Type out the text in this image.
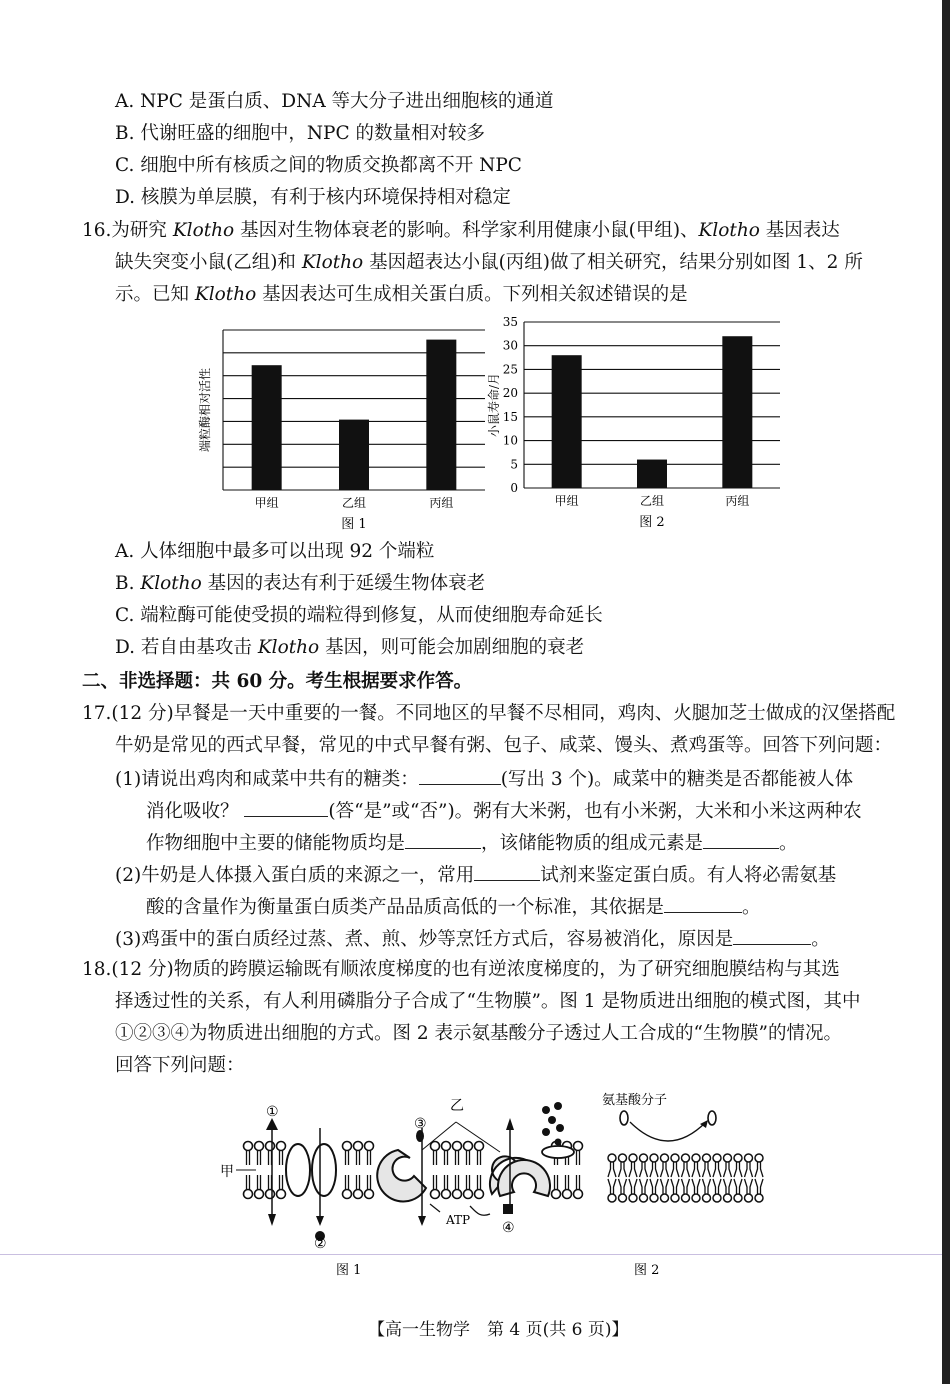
A. NPC 是蛋白质、DNA 等大分子进出细胞核的通道
B. 代谢旺盛的细胞中，NPC 的数量相对较多
C. 细胞中所有核质之间的物质交换都离不开 NPC
D. 核膜为单层膜，有利于核内环境保持相对稳定
16.为研究 Klotho 基因对生物体衰老的影响。科学家利用健康小鼠(甲组)、Klotho 基因表达
缺失突变小鼠(乙组)和 Klotho 基因超表达小鼠(丙组)做了相关研究，结果分别如图 1、2 所
示。已知 Klotho 基因表达可生成相关蛋白质。下列相关叙述错误的是
甲组	乙组	丙组
端粒酶相对活性
图 1
0
5
10
15
20
25
30
35
甲组	乙组	丙组
小鼠寿命/月
图 2
A. 人体细胞中最多可以出现 92 个端粒
B. Klotho 基因的表达有利于延缓生物体衰老
C. 端粒酶可能使受损的端粒得到修复，从而使细胞寿命延长
D. 若自由基攻击 Klotho 基因，则可能会加剧细胞的衰老
二、非选择题：共 60 分。考生根据要求作答。
17.(12 分)早餐是一天中重要的一餐。不同地区的早餐不尽相同，鸡肉、火腿加芝士做成的汉堡搭配
牛奶是常见的西式早餐，常见的中式早餐有粥、包子、咸菜、馒头、煮鸡蛋等。回答下列问题：
(1)请说出鸡肉和咸菜中共有的糖类：	(写出 3 个)。咸菜中的糖类是否都能被人体
消化吸收？	(答“是”或“否”)。粥有大米粥，也有小米粥，大米和小米这两种农
作物细胞中主要的储能物质均是	，该储能物质的组成元素是	。
(2)牛奶是人体摄入蛋白质的来源之一，常用	试剂来鉴定蛋白质。有人将必需氨基
酸的含量作为衡量蛋白质类产品品质高低的一个标准，其依据是	。
(3)鸡蛋中的蛋白质经过蒸、煮、煎、炒等烹饪方式后，容易被消化，原因是	。
18.(12 分)物质的跨膜运输既有顺浓度梯度的也有逆浓度梯度的，为了研究细胞膜结构与其选
择透过性的关系，有人利用磷脂分子合成了“生物膜”。图 1 是物质进出细胞的模式图，其中
①②③④为物质进出细胞的方式。图 2 表示氨基酸分子透过人工合成的“生物膜”的情况。
回答下列问题：
甲
乙
ATP
①
②
③
④
图 1
氨基酸分子
图 2
【高一生物学　第 4 页(共 6 页)】
